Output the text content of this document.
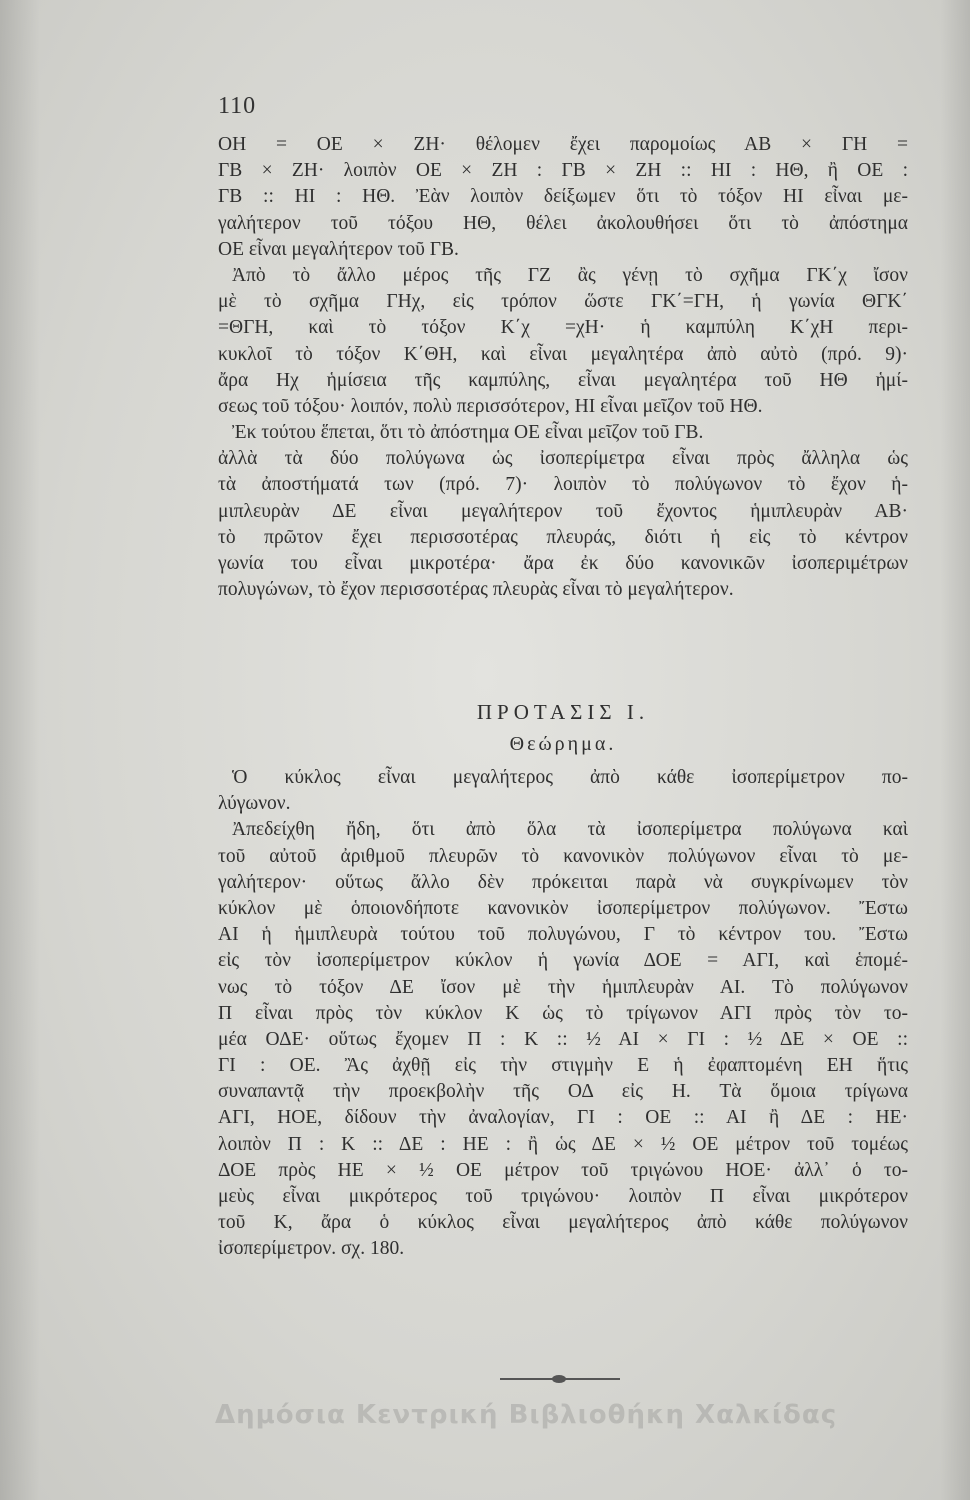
110
ΟΗ = ΟΕ × ΖΗ· θέλομεν ἔχει παρομοίως ΑΒ × ΓΗ =
ΓΒ × ΖΗ· λοιπὸν ΟΕ × ΖΗ : ΓΒ × ΖΗ :: ΗΙ : ΗΘ, ἢ ΟΕ :
ΓΒ :: ΗΙ : ΗΘ. Ἐὰν λοιπὸν δείξωμεν ὅτι τὸ τόξον ΗΙ εἶναι με-
γαλήτερον τοῦ τόξου ΗΘ, θέλει ἀκολουθήσει ὅτι τὸ ἀπόστημα
ΟΕ εἶναι μεγαλήτερον τοῦ ΓΒ.
Ἀπὸ τὸ ἄλλο μέρος τῆς ΓΖ ἂς γένῃ τὸ σχῆμα ΓΚ΄χ ἴσον
μὲ τὸ σχῆμα ΓΗχ, εἰς τρόπον ὥστε ΓΚ΄=ΓΗ, ἡ γωνία ΘΓΚ΄
=ΘΓΗ, καὶ τὸ τόξον Κ΄χ =χΗ· ἡ καμπύλη Κ΄χΗ περι-
κυκλοῖ τὸ τόξον Κ΄ΘΗ, καὶ εἶναι μεγαλητέρα ἀπὸ αὐτὸ (πρό. 9)·
ἄρα Ηχ ἡμίσεια τῆς καμπύλης, εἶναι μεγαλητέρα τοῦ ΗΘ ἡμί-
σεως τοῦ τόξου· λοιπόν, πολὺ περισσότερον, ΗΙ εἶναι μεῖζον τοῦ ΗΘ.
Ἐκ τούτου ἕπεται, ὅτι τὸ ἀπόστημα ΟΕ εἶναι μεῖζον τοῦ ΓΒ.
ἀλλὰ τὰ δύο πολύγωνα ὡς ἰσοπερίμετρα εἶναι πρὸς ἄλληλα ὡς
τὰ ἀποστήματά των (πρό. 7)· λοιπὸν τὸ πολύγωνον τὸ ἔχον ἡ-
μιπλευρὰν ΔΕ εἶναι μεγαλήτερον τοῦ ἔχοντος ἡμιπλευρὰν ΑΒ·
τὸ πρῶτον ἔχει περισσοτέρας πλευράς, διότι ἡ εἰς τὸ κέντρον
γωνία του εἶναι μικροτέρα· ἄρα ἐκ δύο κανονικῶν ἰσοπεριμέτρων
πολυγώνων, τὸ ἔχον περισσοτέρας πλευρὰς εἶναι τὸ μεγαλήτερον.
ΠΡΟΤΑΣΙΣ Ι.
Θεώρημα.
Ὁ κύκλος εἶναι μεγαλήτερος ἀπὸ κάθε ἰσοπερίμετρον πο-
λύγωνον.
Ἀπεδείχθη ἤδη, ὅτι ἀπὸ ὅλα τὰ ἰσοπερίμετρα πολύγωνα καὶ
τοῦ αὐτοῦ ἀριθμοῦ πλευρῶν τὸ κανονικὸν πολύγωνον εἶναι τὸ με-
γαλήτερον· οὕτως ἄλλο δὲν πρόκειται παρὰ νὰ συγκρίνωμεν τὸν
κύκλον μὲ ὁποιονδήποτε κανονικὸν ἰσοπερίμετρον πολύγωνον. Ἔστω
ΑΙ ἡ ἡμιπλευρὰ τούτου τοῦ πολυγώνου, Γ τὸ κέντρον του. Ἔστω
εἰς τὸν ἰσοπερίμετρον κύκλον ἡ γωνία ΔΟΕ = ΑΓΙ, καὶ ἑπομέ-
νως τὸ τόξον ΔΕ ἴσον μὲ τὴν ἡμιπλευρὰν ΑΙ. Τὸ πολύγωνον
Π εἶναι πρὸς τὸν κύκλον Κ ὡς τὸ τρίγωνον ΑΓΙ πρὸς τὸν το-
μέα ΟΔΕ· οὕτως ἔχομεν Π : Κ :: ½ ΑΙ × ΓΙ : ½ ΔΕ × ΟΕ ::
ΓΙ : ΟΕ. Ἂς ἀχθῇ εἰς τὴν στιγμὴν Ε ἡ ἐφαπτομένη ΕΗ ἥτις
συναπαντᾷ τὴν προεκβολὴν τῆς ΟΔ εἰς Η. Τὰ ὅμοια τρίγωνα
ΑΓΙ, ΗΟΕ, δίδουν τὴν ἀναλογίαν, ΓΙ : ΟΕ :: ΑΙ ἢ ΔΕ : ΗΕ·
λοιπὸν Π : Κ :: ΔΕ : ΗΕ : ἢ ὡς ΔΕ × ½ ΟΕ μέτρον τοῦ τομέως
ΔΟΕ πρὸς ΗΕ × ½ ΟΕ μέτρον τοῦ τριγώνου ΗΟΕ· ἀλλ᾽ ὁ το-
μεὺς εἶναι μικρότερος τοῦ τριγώνου· λοιπὸν Π εἶναι μικρότερον
τοῦ Κ, ἄρα ὁ κύκλος εἶναι μεγαλήτερος ἀπὸ κάθε πολύγωνον
ἰσοπερίμετρον. σχ. 180.
Δημόσια Κεντρική Βιβλιοθήκη Χαλκίδας
